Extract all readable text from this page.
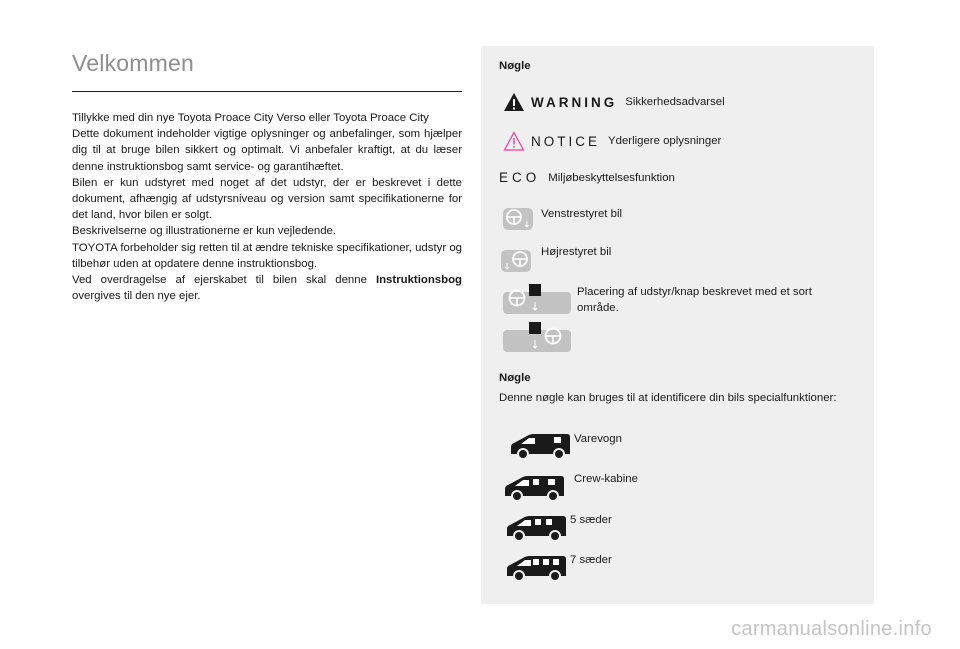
Velkommen

Tillykke med din nye Toyota Proace City Verso eller Toyota Proace City

Dette dokument indeholder vigtige oplysninger og anbefalinger, som hjælper dig til at bruge bilen sikkert og optimalt. Vi anbefaler kraftigt, at du læser denne instruktionsbog samt service- og garantihæftet.

Bilen er kun udstyret med noget af det udstyr, der er beskrevet i dette dokument, afhængig af udstyrsniveau og version samt specifikationerne for det land, hvor bilen er solgt.

Beskrivelserne og illustrationerne er kun vejledende.

TOYOTA forbeholder sig retten til at ændre tekniske specifikationer, udstyr og tilbehør uden at opdatere denne instruktionsbog.

Ved overdragelse af ejerskabet til bilen skal denne Instruktionsbog overgives til den nye ejer.

Nøgle
WARNING Sikkerhedsadvarsel
NOTICE Yderligere oplysninger
ECO Miljøbeskyttelsesfunktion
Venstrestyret bil
Højrestyret bil
Placering af udstyr/knap beskrevet med et sort område.
Nøgle
Denne nøgle kan bruges til at identificere din bils specialfunktioner:
Varevogn
Crew-kabine
5 sæder
7 sæder
carmanualsonline.info
